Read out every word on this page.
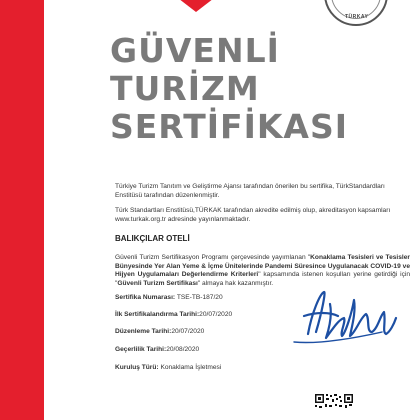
TÜRKAY
GÜVENLİ
TURİZM
SERTİFİKASI
Türkiye Turizm Tanıtım ve Geliştirme Ajansı tarafından önerilen bu sertifika, TürkStandardları Enstitüsü tarafından düzenlenmiştir.
Türk Standartları Enstitüsü,TÜRKAK tarafından akredite edilmiş olup, akreditasyon kapsamları www.turkak.org.tr adresinde yayınlanmaktadır.
BALIKÇILAR OTELİ
Güvenli Turizm Sertifikasyon Programı çerçevesinde yayımlanan "Konaklama Tesisleri ve Tesisler Bünyesinde Yer Alan Yeme & İçme Ünitelerinde Pandemi Süresince Uygulanacak COVID-19 ve Hijyen Uygulamaları Değerlendirme Kriterleri" kapsamında istenen koşulları yerine getirdiği için "Güvenli Turizm Sertifikası" almaya hak kazanmıştır.
Sertifika Numarası: TSE-TB-187/20
İlk Sertifikalandırma Tarihi:20/07/2020
Düzenleme Tarihi:20/07/2020
Geçerlilik Tarihi:20/08/2020
Kuruluş Türü: Konaklama İşletmesi
